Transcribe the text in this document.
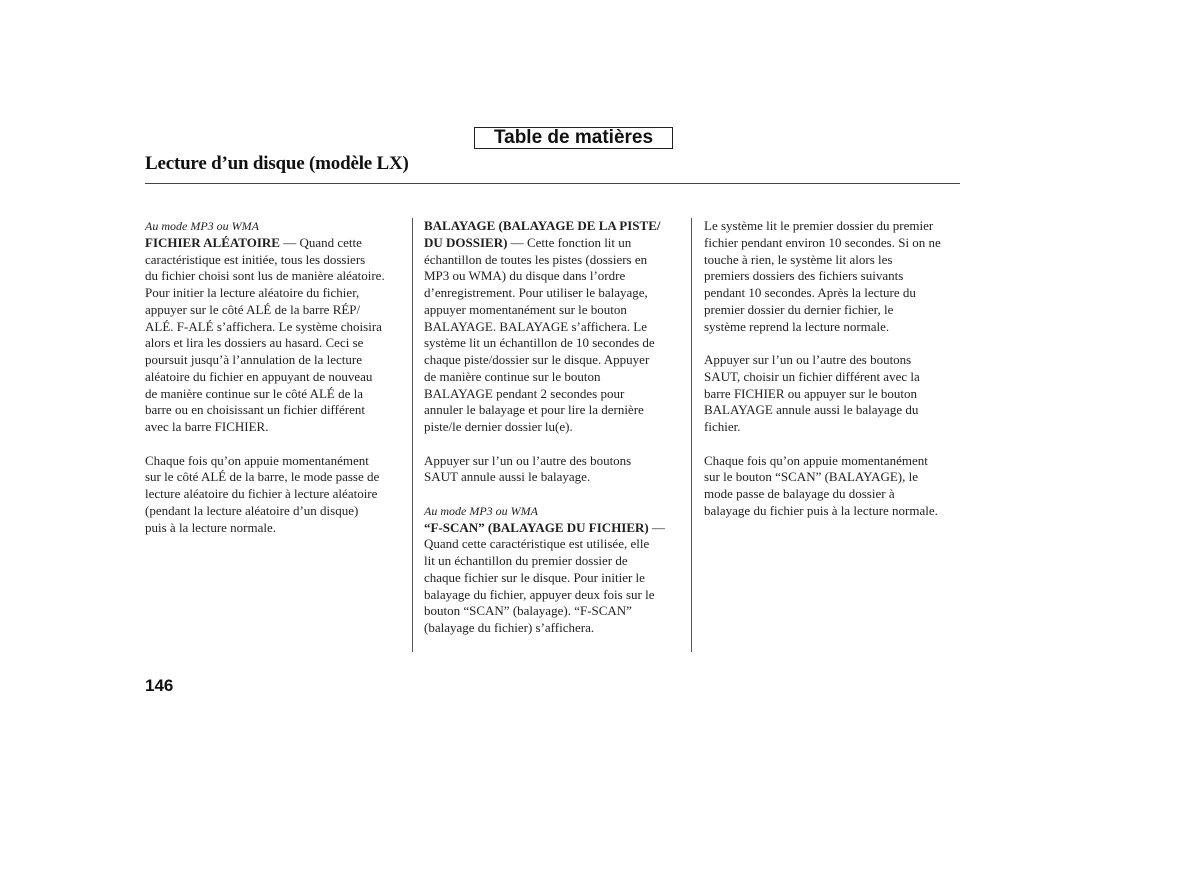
Table de matières
Lecture d’un disque (modèle LX)
Au mode MP3 ou WMA
FICHIER ALÉATOIRE — Quand cette
caractéristique est initiée, tous les dossiers
du fichier choisi sont lus de manière aléatoire.
Pour initier la lecture aléatoire du fichier,
appuyer sur le côté ALÉ de la barre RÉP/
ALÉ. F-ALÉ s’affichera. Le système choisira
alors et lira les dossiers au hasard. Ceci se
poursuit jusqu’à l’annulation de la lecture
aléatoire du fichier en appuyant de nouveau
de manière continue sur le côté ALÉ de la
barre ou en choisissant un fichier différent
avec la barre FICHIER.
Chaque fois qu’on appuie momentanément
sur le côté ALÉ de la barre, le mode passe de
lecture aléatoire du fichier à lecture aléatoire
(pendant la lecture aléatoire d’un disque)
puis à la lecture normale.
BALAYAGE (BALAYAGE DE LA PISTE/
DU DOSSIER) — Cette fonction lit un
échantillon de toutes les pistes (dossiers en
MP3 ou WMA) du disque dans l’ordre
d’enregistrement. Pour utiliser le balayage,
appuyer momentanément sur le bouton
BALAYAGE. BALAYAGE s’affichera. Le
système lit un échantillon de 10 secondes de
chaque piste/dossier sur le disque. Appuyer
de manière continue sur le bouton
BALAYAGE pendant 2 secondes pour
annuler le balayage et pour lire la dernière
piste/le dernier dossier lu(e).
Appuyer sur l’un ou l’autre des boutons
SAUT annule aussi le balayage.
Au mode MP3 ou WMA
“F-SCAN” (BALAYAGE DU FICHIER) —
Quand cette caractéristique est utilisée, elle
lit un échantillon du premier dossier de
chaque fichier sur le disque. Pour initier le
balayage du fichier, appuyer deux fois sur le
bouton “SCAN” (balayage). “F-SCAN”
(balayage du fichier) s’affichera.
Le système lit le premier dossier du premier
fichier pendant environ 10 secondes. Si on ne
touche à rien, le système lit alors les
premiers dossiers des fichiers suivants
pendant 10 secondes. Après la lecture du
premier dossier du dernier fichier, le
système reprend la lecture normale.
Appuyer sur l’un ou l’autre des boutons
SAUT, choisir un fichier différent avec la
barre FICHIER ou appuyer sur le bouton
BALAYAGE annule aussi le balayage du
fichier.
Chaque fois qu’on appuie momentanément
sur le bouton “SCAN” (BALAYAGE), le
mode passe de balayage du dossier à
balayage du fichier puis à la lecture normale.
146
